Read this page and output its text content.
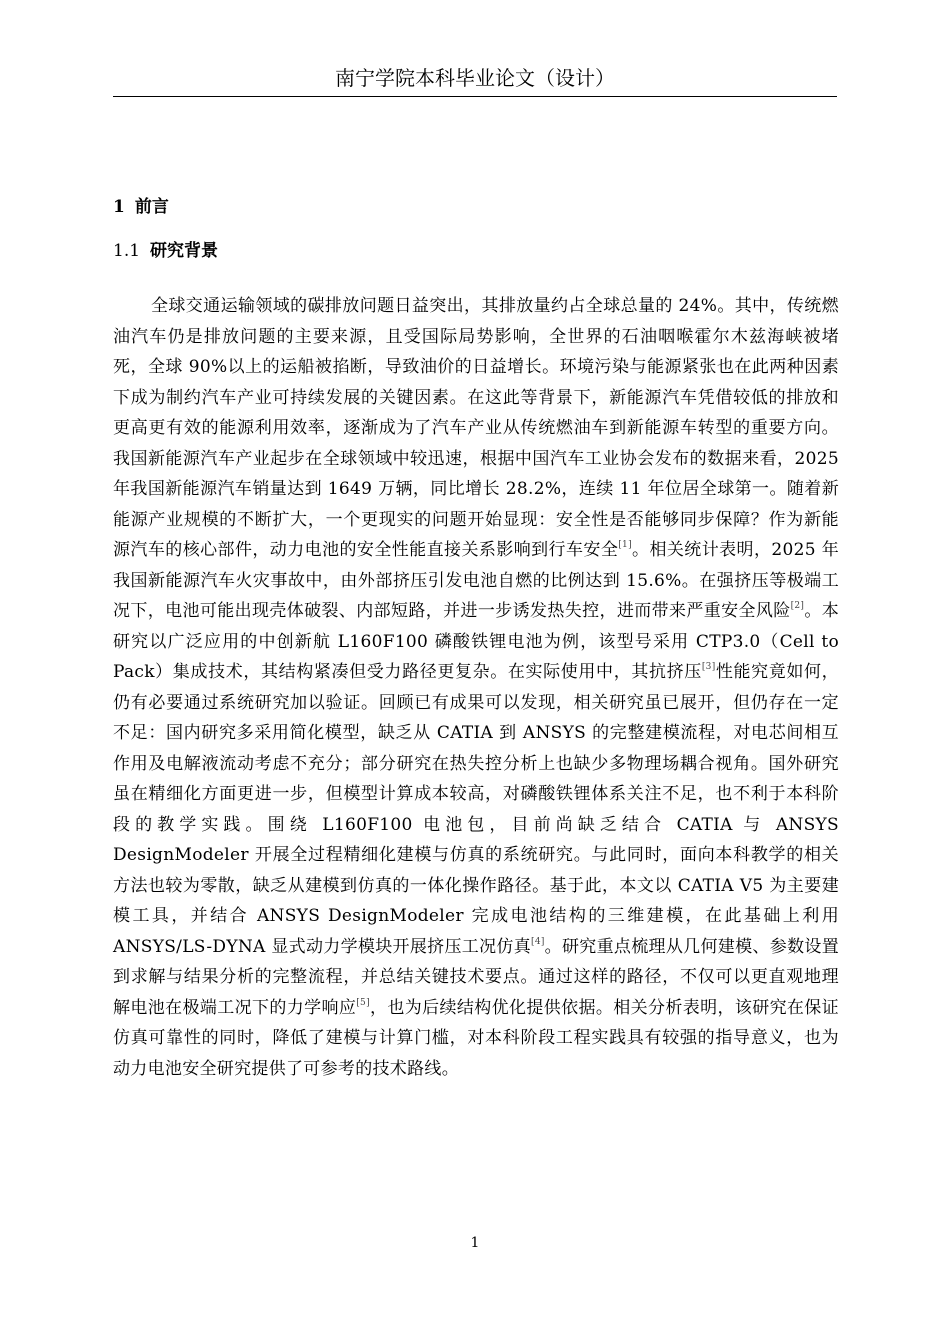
南宁学院本科毕业论文（设计）
1 前言
1.1 研究背景

全球交通运输领域的碳排放问题日益突出，其排放量约占全球总量的 24%。其中，传统燃油汽车仍是排放问题的主要来源，且受国际局势影响，全世界的石油咽喉霍尔木兹海峡被堵死，全球 90%以上的运船被掐断，导致油价的日益增长。环境污染与能源紧张也在此两种因素下成为制约汽车产业可持续发展的关键因素。在这此等背景下，新能源汽车凭借较低的排放和更高更有效的能源利用效率，逐渐成为了汽车产业从传统燃油车到新能源车转型的重要方向。我国新能源汽车产业起步在全球领域中较迅速，根据中国汽车工业协会发布的数据来看，2025 年我国新能源汽车销量达到 1649 万辆，同比增长 28.2%，连续 11 年位居全球第一。随着新能源产业规模的不断扩大，一个更现实的问题开始显现：安全性是否能够同步保障？作为新能源汽车的核心部件，动力电池的安全性能直接关系影响到行车安全[1]。相关统计表明，2025 年我国新能源汽车火灾事故中，由外部挤压引发电池自燃的比例达到 15.6%。在强挤压等极端工况下，电池可能出现壳体破裂、内部短路，并进一步诱发热失控，进而带来严重安全风险[2]。本研究以广泛应用的中创新航 L160F100 磷酸铁锂电池为例，该型号采用 CTP3.0（Cell to Pack）集成技术，其结构紧凑但受力路径更复杂。在实际使用中，其抗挤压[3]性能究竟如何，仍有必要通过系统研究加以验证。回顾已有成果可以发现，相关研究虽已展开，但仍存在一定不足：国内研究多采用简化模型，缺乏从 CATIA 到 ANSYS 的完整建模流程，对电芯间相互作用及电解液流动考虑不充分；部分研究在热失控分析上也缺少多物理场耦合视角。国外研究虽在精细化方面更进一步，但模型计算成本较高，对磷酸铁锂体系关注不足，也不利于本科阶段的教学实践。围绕 L160F100 电池包，目前尚缺乏结合 CATIA 与 ANSYS DesignModeler 开展全过程精细化建模与仿真的系统研究。与此同时，面向本科教学的相关方法也较为零散，缺乏从建模到仿真的一体化操作路径。基于此，本文以 CATIA V5 为主要建模工具，并结合 ANSYS DesignModeler 完成电池结构的三维建模，在此基础上利用 ANSYS/LS-DYNA 显式动力学模块开展挤压工况仿真[4]。研究重点梳理从几何建模、参数设置到求解与结果分析的完整流程，并总结关键技术要点。通过这样的路径，不仅可以更直观地理解电池在极端工况下的力学响应[5]，也为后续结构优化提供依据。相关分析表明，该研究在保证仿真可靠性的同时，降低了建模与计算门槛，对本科阶段工程实践具有较强的指导意义，也为动力电池安全研究提供了可参考的技术路线。

1
